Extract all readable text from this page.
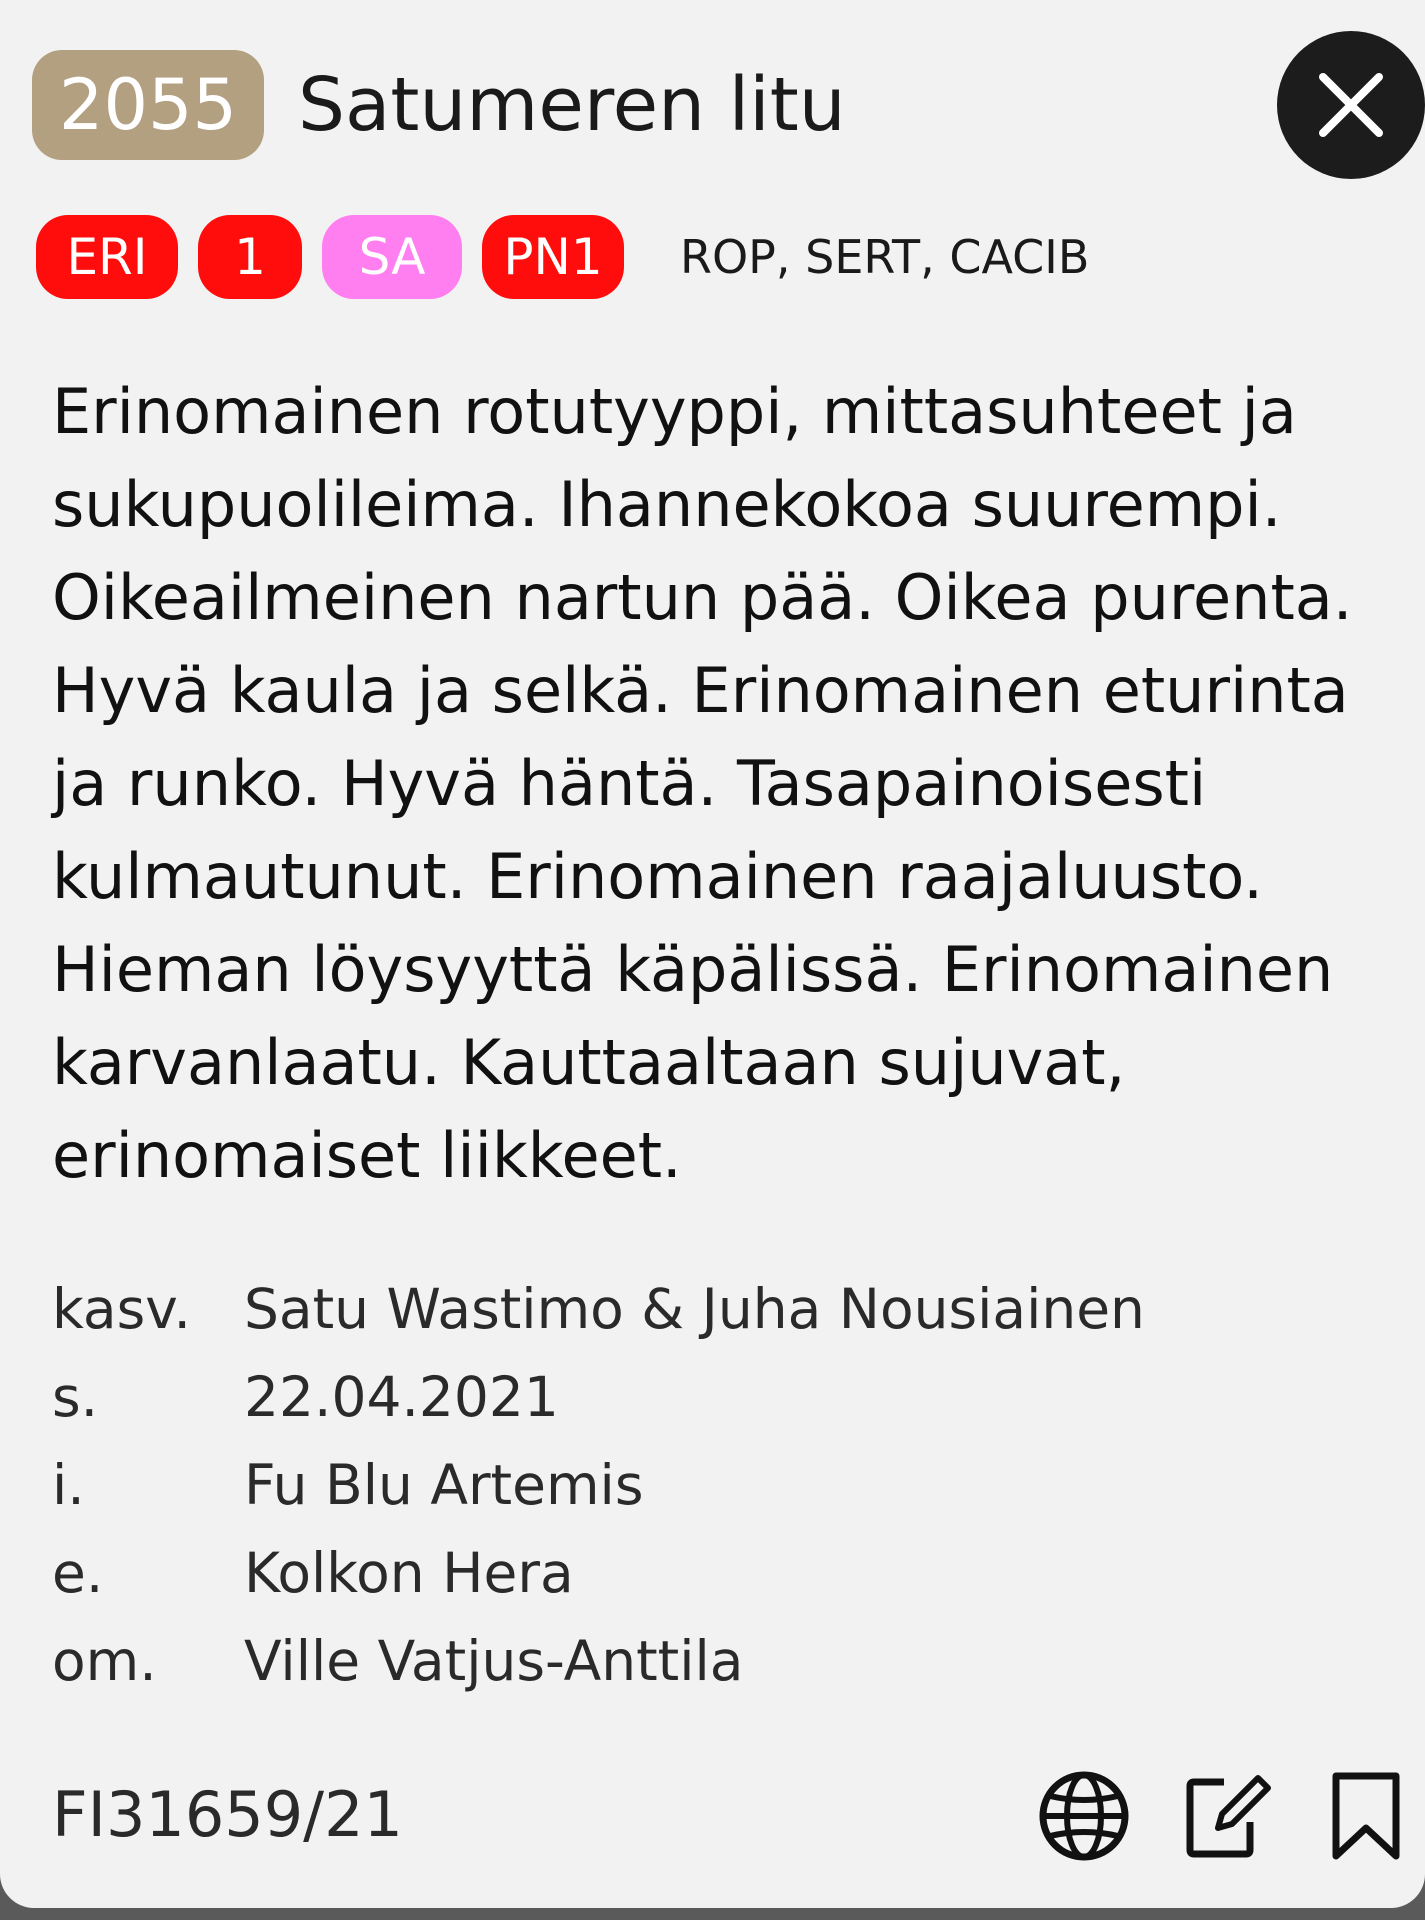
2055 Satumeren litu
ERI	1	SA	PN1	ROP, SERT, CACIB

Erinomainen rotutyyppi, mittasuhteet ja sukupuolileima. Ihannekokoa suurempi. Oikeailmeinen nartun pää. Oikea purenta. Hyvä kaula ja selkä. Erinomainen eturinta ja runko. Hyvä häntä. Tasapainoisesti kulmautunut. Erinomainen raajaluusto. Hieman löysyyttä käpälissä. Erinomainen karvanlaatu. Kauttaaltaan sujuvat, erinomaiset liikkeet.

kasv. Satu Wastimo & Juha Nousiainen
s.	22.04.2021
i.	Fu Blu Artemis
e.	Kolkon Hera
om. Ville Vatjus-Anttila
FI31659/21
